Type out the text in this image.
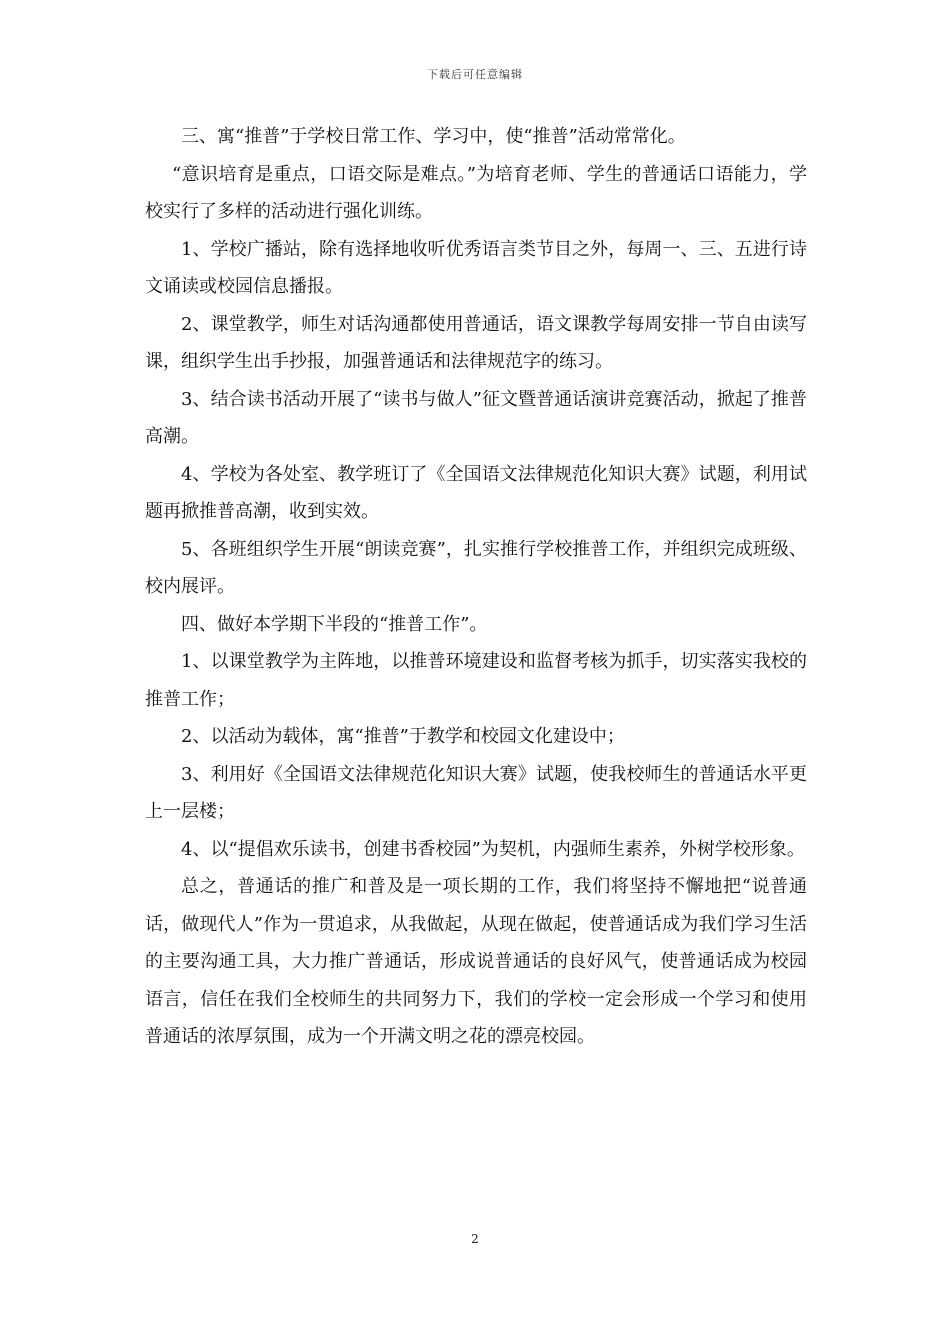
下载后可任意编辑

三、寓“推普”于学校日常工作、学习中，使“推普”活动常常化。

“意识培育是重点，口语交际是难点。”为培育老师、学生的普通话口语能力，学校实行了多样的活动进行强化训练。

1、学校广播站，除有选择地收听优秀语言类节目之外，每周一、三、五进行诗文诵读或校园信息播报。

2、课堂教学，师生对话沟通都使用普通话，语文课教学每周安排一节自由读写课，组织学生出手抄报，加强普通话和法律规范字的练习。

3、结合读书活动开展了“读书与做人”征文暨普通话演讲竞赛活动，掀起了推普高潮。

4、学校为各处室、教学班订了《全国语文法律规范化知识大赛》试题，利用试题再掀推普高潮，收到实效。

5、各班组织学生开展“朗读竞赛”，扎实推行学校推普工作，并组织完成班级、校内展评。

四、做好本学期下半段的“推普工作”。

1、以课堂教学为主阵地，以推普环境建设和监督考核为抓手，切实落实我校的推普工作；

2、以活动为载体，寓“推普”于教学和校园文化建设中；

3、利用好《全国语文法律规范化知识大赛》试题，使我校师生的普通话水平更上一层楼；

4、以“提倡欢乐读书，创建书香校园”为契机，内强师生素养，外树学校形象。

总之，普通话的推广和普及是一项长期的工作，我们将坚持不懈地把“说普通话，做现代人”作为一贯追求，从我做起，从现在做起，使普通话成为我们学习生活的主要沟通工具，大力推广普通话，形成说普通话的良好风气，使普通话成为校园语言，信任在我们全校师生的共同努力下，我们的学校一定会形成一个学习和使用普通话的浓厚氛围，成为一个开满文明之花的漂亮校园。

2
